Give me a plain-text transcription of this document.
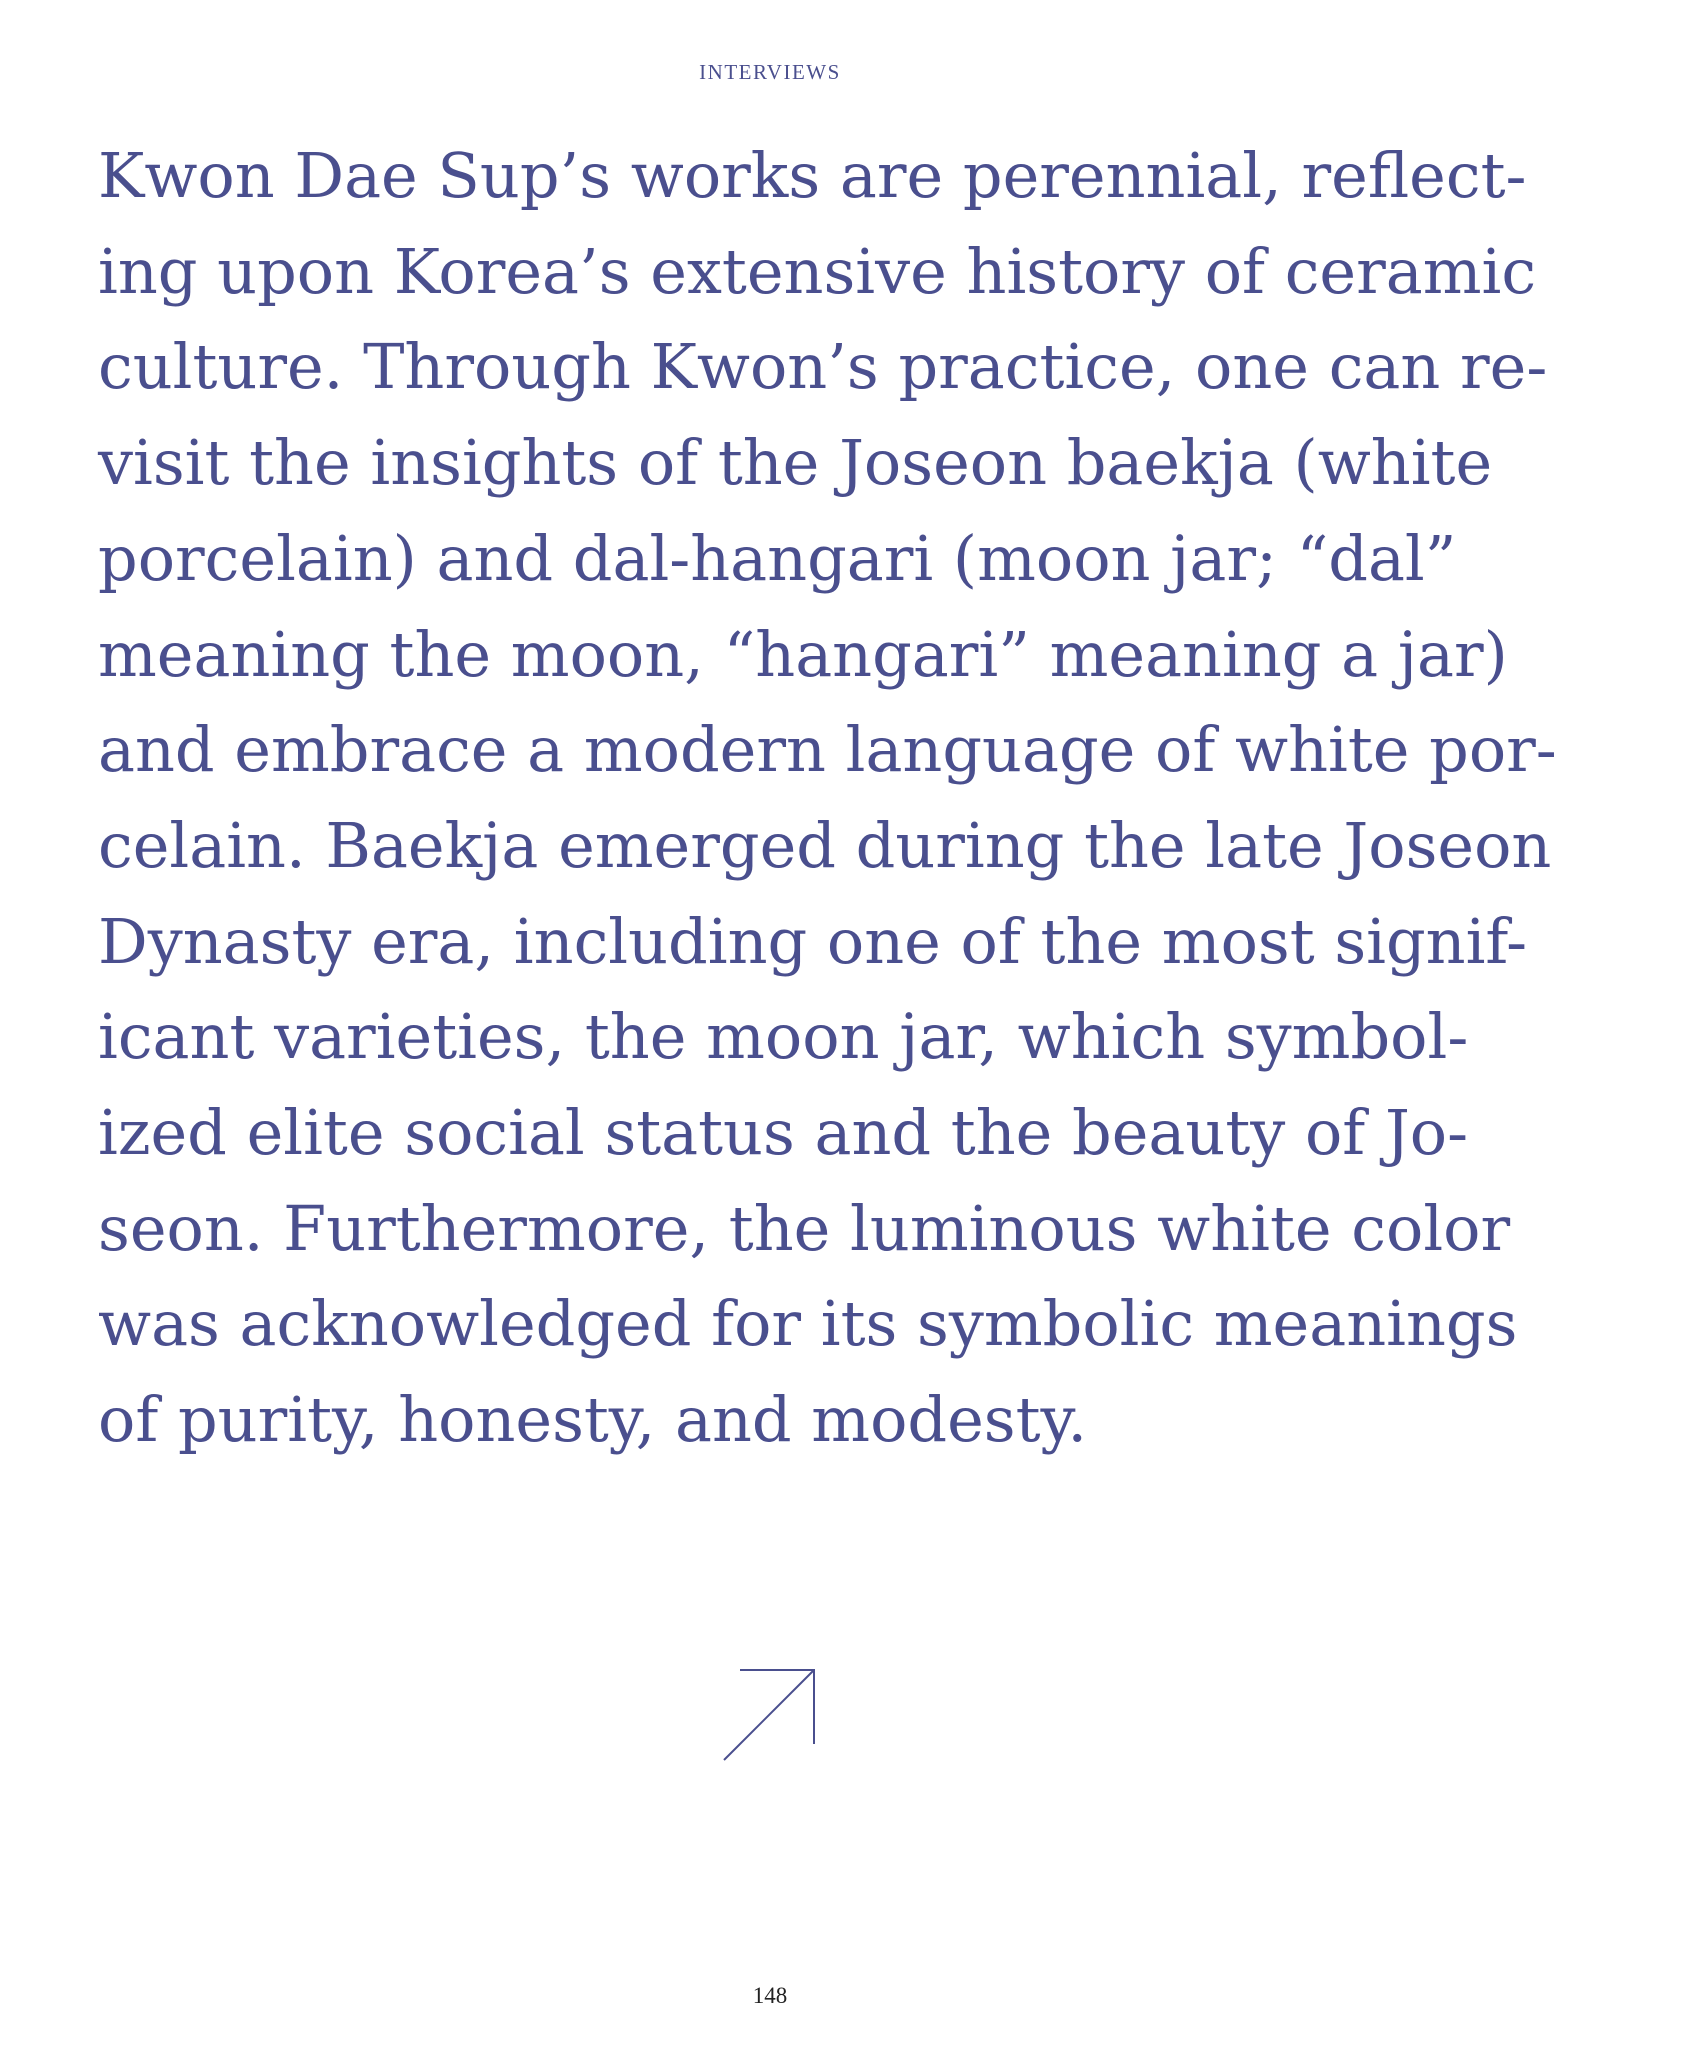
INTERVIEWS

Kwon Dae Sup’s works are perennial, reflect-
ing upon Korea’s extensive history of ceramic
culture. Through Kwon’s practice, one can re-
visit the insights of the Joseon baekja (white
porcelain) and dal-hangari (moon jar; “dal”
meaning the moon, “hangari” meaning a jar)
and embrace a modern language of white por-
celain. Baekja emerged during the late Joseon
Dynasty era, including one of the most signif-
icant varieties, the moon jar, which symbol-
ized elite social status and the beauty of Jo-
seon. Furthermore, the luminous white color
was acknowledged for its symbolic meanings
of purity, honesty, and modesty.

148
